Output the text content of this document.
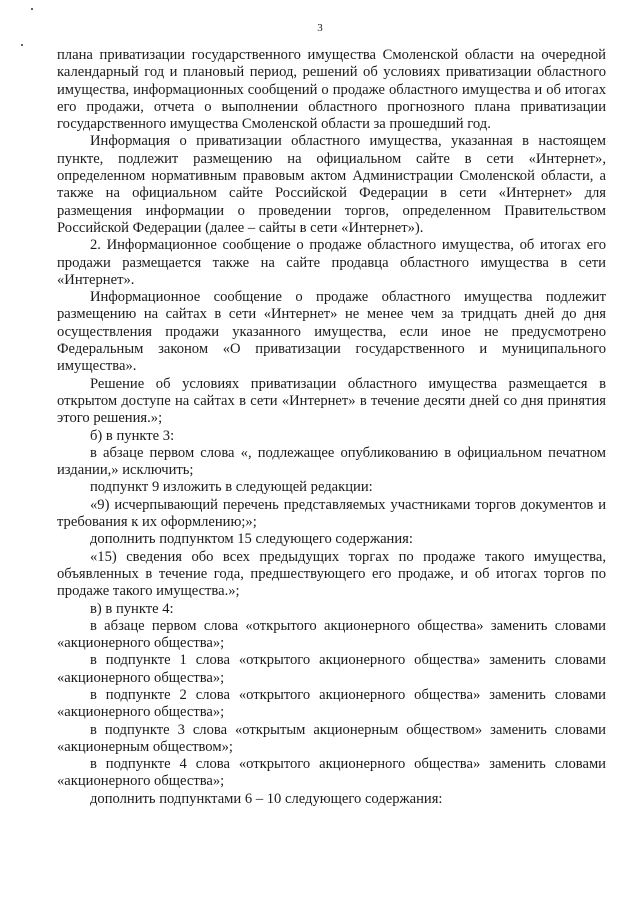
3

плана приватизации государственного имущества Смоленской области на очередной календарный год и плановый период, решений об условиях приватизации областного имущества, информационных сообщений о продаже областного имущества и об итогах его продажи, отчета о выполнении областного прогнозного плана приватизации государственного имущества Смоленской области за прошедший год.

Информация о приватизации областного имущества, указанная в настоящем пункте, подлежит размещению на официальном сайте в сети «Интернет», определенном нормативным правовым актом Администрации Смоленской области, а также на официальном сайте Российской Федерации в сети «Интернет» для размещения информации о проведении торгов, определенном Правительством Российской Федерации (далее – сайты в сети «Интернет»).

2. Информационное сообщение о продаже областного имущества, об итогах его продажи размещается также на сайте продавца областного имущества в сети «Интернет».

Информационное сообщение о продаже областного имущества подлежит размещению на сайтах в сети «Интернет» не менее чем за тридцать дней до дня осуществления продажи указанного имущества, если иное не предусмотрено Федеральным законом «О приватизации государственного и муниципального имущества».

Решение об условиях приватизации областного имущества размещается в открытом доступе на сайтах в сети «Интернет» в течение десяти дней со дня принятия этого решения.»;

б) в пункте 3:

в абзаце первом слова «, подлежащее опубликованию в официальном печатном издании,» исключить;

подпункт 9 изложить в следующей редакции:

«9) исчерпывающий перечень представляемых участниками торгов документов и требования к их оформлению;»;

дополнить подпунктом 15 следующего содержания:

«15) сведения обо всех предыдущих торгах по продаже такого имущества, объявленных в течение года, предшествующего его продаже, и об итогах торгов по продаже такого имущества.»;

в) в пункте 4:

в абзаце первом слова «открытого акционерного общества» заменить словами «акционерного общества»;

в подпункте 1 слова «открытого акционерного общества» заменить словами «акционерного общества»;

в подпункте 2 слова «открытого акционерного общества» заменить словами «акционерного общества»;

в подпункте 3 слова «открытым акционерным обществом» заменить словами «акционерным обществом»;

в подпункте 4 слова «открытого акционерного общества» заменить словами «акционерного общества»;

дополнить подпунктами 6 – 10 следующего содержания:
